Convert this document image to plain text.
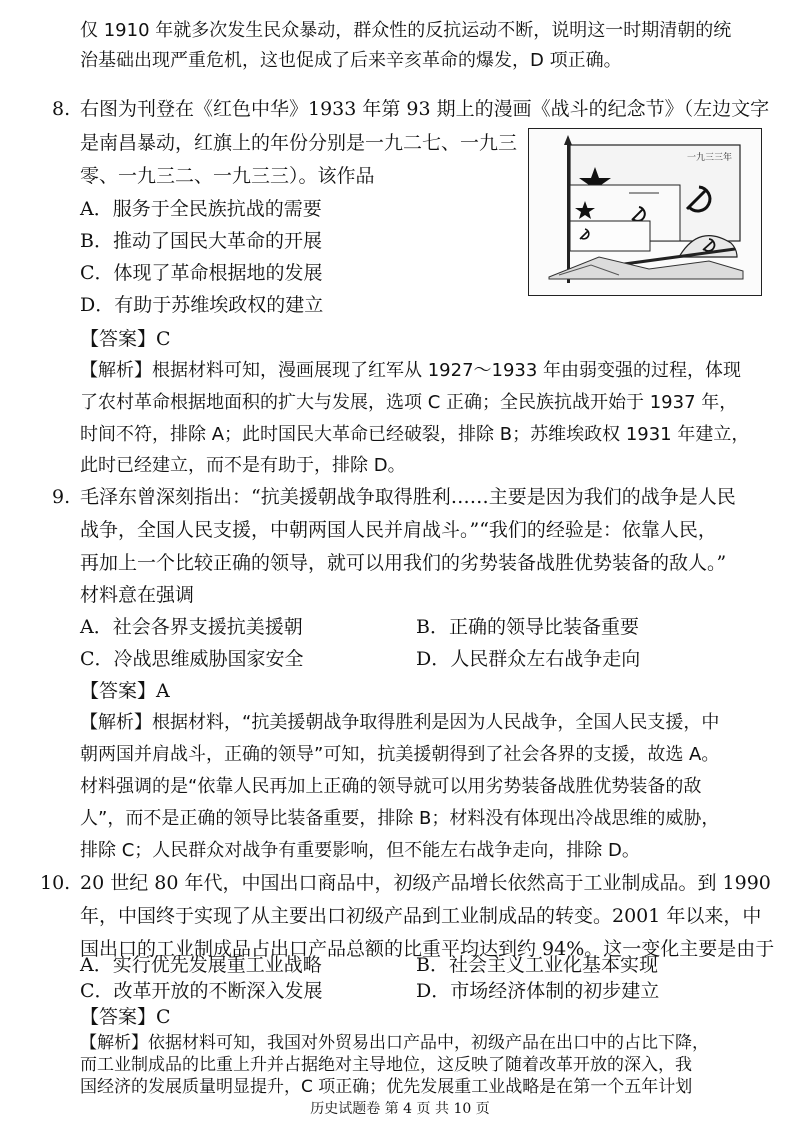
仅 1910 年就多次发生民众暴动，群众性的反抗运动不断，说明这一时期清朝的统
治基础出现严重危机，这也促成了后来辛亥革命的爆发，D 项正确。
8. 右图为刊登在《红色中华》1933 年第 93 期上的漫画《战斗的纪念节》（左边文字
是南昌暴动，红旗上的年份分别是一九二七、一九三
零、一九三二、一九三三）。该作品
A．服务于全民族抗战的需要
B．推动了国民大革命的开展
C．体现了革命根据地的发展
D．有助于苏维埃政权的建立
【答案】C
【解析】根据材料可知，漫画展现了红军从 1927～1933 年由弱变强的过程，体现
了农村革命根据地面积的扩大与发展，选项 C 正确；全民族抗战开始于 1937 年，
时间不符，排除 A；此时国民大革命已经破裂，排除 B；苏维埃政权 1931 年建立，
此时已经建立，而不是有助于，排除 D。
一九三三年
9. 毛泽东曾深刻指出：“抗美援朝战争取得胜利……主要是因为我们的战争是人民
战争，全国人民支援，中朝两国人民并肩战斗。”“我们的经验是：依靠人民，
再加上一个比较正确的领导，就可以用我们的劣势装备战胜优势装备的敌人。”
材料意在强调
A．社会各界支援抗美援朝	B．正确的领导比装备重要
C．冷战思维威胁国家安全	D．人民群众左右战争走向
【答案】A
【解析】根据材料，“抗美援朝战争取得胜利是因为人民战争，全国人民支援，中
朝两国并肩战斗，正确的领导”可知，抗美援朝得到了社会各界的支援，故选 A。
材料强调的是“依靠人民再加上正确的领导就可以用劣势装备战胜优势装备的敌
人”，而不是正确的领导比装备重要，排除 B；材料没有体现出冷战思维的威胁，
排除 C；人民群众对战争有重要影响，但不能左右战争走向，排除 D。
10. 20 世纪 80 年代，中国出口商品中，初级产品增长依然高于工业制成品。到 1990
年，中国终于实现了从主要出口初级产品到工业制成品的转变。2001 年以来，中
国出口的工业制成品占出口产品总额的比重平均达到约 94%。这一变化主要是由于
A．实行优先发展重工业战略	B．社会主义工业化基本实现
C．改革开放的不断深入发展	D．市场经济体制的初步建立
【答案】C
【解析】依据材料可知，我国对外贸易出口产品中，初级产品在出口中的占比下降，
而工业制成品的比重上升并占据绝对主导地位，这反映了随着改革开放的深入，我
国经济的发展质量明显提升，C 项正确；优先发展重工业战略是在第一个五年计划
历史试题卷 第 4 页 共 10 页
